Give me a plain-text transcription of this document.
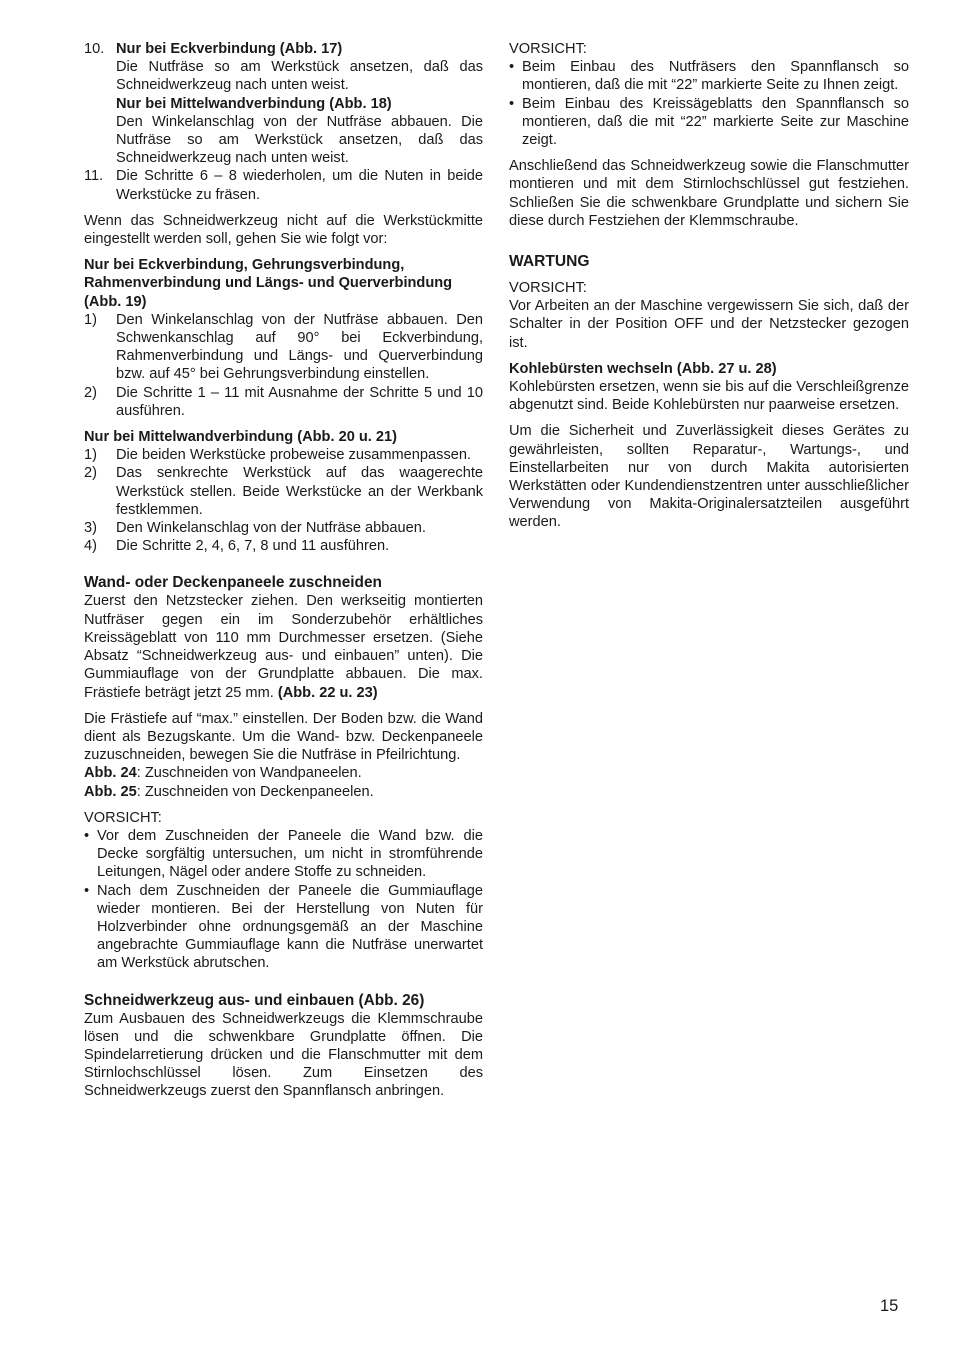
10. Nur bei Eckverbindung (Abb. 17)
Die Nutfräse so am Werkstück ansetzen, daß das Schneidwerkzeug nach unten weist.
Nur bei Mittelwandverbindung (Abb. 18)
Den Winkelanschlag von der Nutfräse abbauen. Die Nutfräse so am Werkstück ansetzen, daß das Schneidwerkzeug nach unten weist.
11. Die Schritte 6 – 8 wiederholen, um die Nuten in beide Werkstücke zu fräsen.

Wenn das Schneidwerkzeug nicht auf die Werkstückmitte eingestellt werden soll, gehen Sie wie folgt vor:

Nur bei Eckverbindung, Gehrungsverbindung, Rahmenverbindung und Längs- und Querverbindung (Abb. 19)
1) Den Winkelanschlag von der Nutfräse abbauen. Den Schwenkanschlag auf 90° bei Eckverbindung, Rahmenverbindung und Längs- und Querverbindung bzw. auf 45° bei Gehrungsverbindung einstellen.
2) Die Schritte 1 – 11 mit Ausnahme der Schritte 5 und 10 ausführen.
Nur bei Mittelwandverbindung (Abb. 20 u. 21)
1) Die beiden Werkstücke probeweise zusammenpassen.
2) Das senkrechte Werkstück auf das waagerechte Werkstück stellen. Beide Werkstücke an der Werkbank festklemmen.
3) Den Winkelanschlag von der Nutfräse abbauen.
4) Die Schritte 2, 4, 6, 7, 8 und 11 ausführen.
Wand- oder Deckenpaneele zuschneiden

Zuerst den Netzstecker ziehen. Den werkseitig montierten Nutfräser gegen ein im Sonderzubehör erhältliches Kreissägeblatt von 110 mm Durchmesser ersetzen. (Siehe Absatz “Schneidwerkzeug aus- und einbauen” unten). Die Gummiauflage von der Grundplatte abbauen. Die max. Frästiefe beträgt jetzt 25 mm. (Abb. 22 u. 23)

Die Frästiefe auf “max.” einstellen. Der Boden bzw. die Wand dient als Bezugskante. Um die Wand- bzw. Deckenpaneele zuzuschneiden, bewegen Sie die Nutfräse in Pfeilrichtung.

Abb. 24: Zuschneiden von Wandpaneelen.

Abb. 25: Zuschneiden von Deckenpaneelen.

VORSICHT:

• Vor dem Zuschneiden der Paneele die Wand bzw. die Decke sorgfältig untersuchen, um nicht in stromführende Leitungen, Nägel oder andere Stoffe zu schneiden.
• Nach dem Zuschneiden der Paneele die Gummiauflage wieder montieren. Bei der Herstellung von Nuten für Holzverbinder ohne ordnungsgemäß an der Maschine angebrachte Gummiauflage kann die Nutfräse unerwartet am Werkstück abrutschen.
Schneidwerkzeug aus- und einbauen (Abb. 26)

Zum Ausbauen des Schneidwerkzeugs die Klemmschraube lösen und die schwenkbare Grundplatte öffnen. Die Spindelarretierung drücken und die Flanschmutter mit dem Stirnlochschlüssel lösen. Zum Einsetzen des Schneidwerkzeugs zuerst den Spannflansch anbringen.

VORSICHT:

• Beim Einbau des Nutfräsers den Spannflansch so montieren, daß die mit “22” markierte Seite zu Ihnen zeigt.
• Beim Einbau des Kreissägeblatts den Spannflansch so montieren, daß die mit “22” markierte Seite zur Maschine zeigt.

Anschließend das Schneidwerkzeug sowie die Flanschmutter montieren und mit dem Stirnlochschlüssel gut festziehen. Schließen Sie die schwenkbare Grundplatte und sichern Sie diese durch Festziehen der Klemmschraube.

WARTUNG

VORSICHT:

Vor Arbeiten an der Maschine vergewissern Sie sich, daß der Schalter in der Position OFF und der Netzstecker gezogen ist.

Kohlebürsten wechseln (Abb. 27 u. 28)

Kohlebürsten ersetzen, wenn sie bis auf die Verschleißgrenze abgenutzt sind. Beide Kohlebürsten nur paarweise ersetzen.

Um die Sicherheit und Zuverlässigkeit dieses Gerätes zu gewährleisten, sollten Reparatur-, Wartungs-, und Einstellarbeiten nur von durch Makita autorisierten Werkstätten oder Kundendienstzentren unter ausschließlicher Verwendung von Makita-Originalersatzteilen ausgeführt werden.

15
